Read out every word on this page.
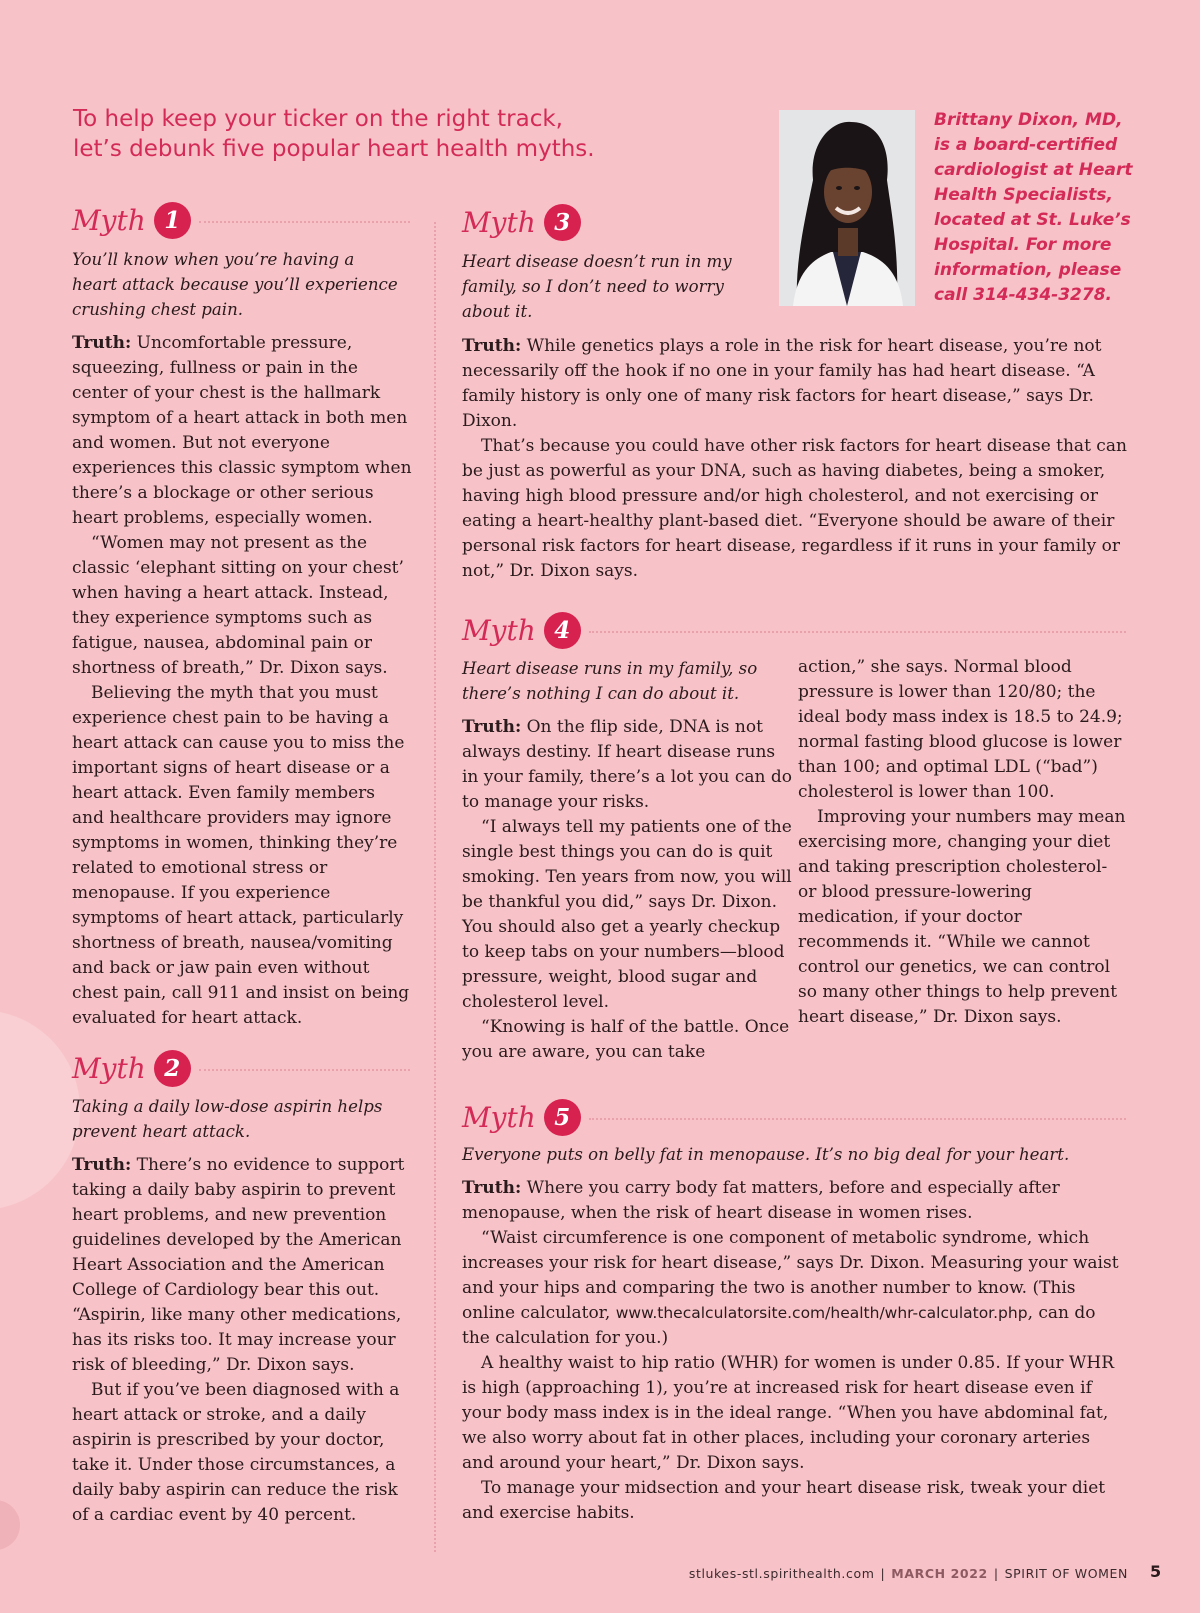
To help keep your ticker on the right track,
let’s debunk five popular heart health myths.
Brittany Dixon, MD,
is a board-certified
cardiologist at Heart
Health Specialists,
located at St. Luke’s
Hospital. For more
information, please
call 314-434-3278.
Myth 1
You’ll know when you’re having a heart attack because you’ll experience crushing chest pain.

Truth: Uncomfortable pressure, squeezing, fullness or pain in the center of your chest is the hallmark symptom of a heart attack in both men and women. But not everyone experiences this classic symptom when there’s a blockage or other serious heart problems, especially women.

“Women may not present as the classic ‘elephant sitting on your chest’ when having a heart attack. Instead, they experience symptoms such as fatigue, nausea, abdominal pain or shortness of breath,” Dr. Dixon says.

Believing the myth that you must experience chest pain to be having a heart attack can cause you to miss the important signs of heart disease or a heart attack. Even family members and healthcare providers may ignore symptoms in women, thinking they’re related to emotional stress or menopause. If you experience symptoms of heart attack, particularly shortness of breath, nausea/vomiting and back or jaw pain even without chest pain, call 911 and insist on being evaluated for heart attack.

Myth 2
Taking a daily low-dose aspirin helps prevent heart attack.

Truth: There’s no evidence to support taking a daily baby aspirin to prevent heart problems, and new prevention guidelines developed by the American Heart Association and the American College of Cardiology bear this out. “Aspirin, like many other medications, has its risks too. It may increase your risk of bleeding,” Dr. Dixon says.

But if you’ve been diagnosed with a heart attack or stroke, and a daily aspirin is prescribed by your doctor, take it. Under those circumstances, a daily baby aspirin can reduce the risk of a cardiac event by 40 percent.

Myth 3
Heart disease doesn’t run in my family, so I don’t need to worry about it.

Truth: While genetics plays a role in the risk for heart disease, you’re not necessarily off the hook if no one in your family has had heart disease. “A family history is only one of many risk factors for heart disease,” says Dr. Dixon.

That’s because you could have other risk factors for heart disease that can be just as powerful as your DNA, such as having diabetes, being a smoker, having high blood pressure and/or high cholesterol, and not exercising or eating a heart-healthy plant-based diet. “Everyone should be aware of their personal risk factors for heart disease, regardless if it runs in your family or not,” Dr. Dixon says.

Myth 4
Heart disease runs in my family, so there’s nothing I can do about it.

Truth: On the flip side, DNA is not always destiny. If heart disease runs in your family, there’s a lot you can do to manage your risks.

“I always tell my patients one of the single best things you can do is quit smoking. Ten years from now, you will be thankful you did,” says Dr. Dixon. You should also get a yearly checkup to keep tabs on your numbers—blood pressure, weight, blood sugar and cholesterol level.

“Knowing is half of the battle. Once you are aware, you can take

action,” she says. Normal blood pressure is lower than 120/80; the ideal body mass index is 18.5 to 24.9; normal fasting blood glucose is lower than 100; and optimal LDL (“bad”) cholesterol is lower than 100.

Improving your numbers may mean exercising more, changing your diet and taking prescription cholesterol- or blood pressure-lowering medication, if your doctor recommends it. “While we cannot control our genetics, we can control so many other things to help prevent heart disease,” Dr. Dixon says.

Myth 5
Everyone puts on belly fat in menopause. It’s no big deal for your heart.

Truth: Where you carry body fat matters, before and especially after menopause, when the risk of heart disease in women rises.

“Waist circumference is one component of metabolic syndrome, which increases your risk for heart disease,” says Dr. Dixon. Measuring your waist and your hips and comparing the two is another number to know. (This online calculator, www.thecalculatorsite.com/health/whr-calculator.php, can do the calculation for you.)

A healthy waist to hip ratio (WHR) for women is under 0.85. If your WHR is high (approaching 1), you’re at increased risk for heart disease even if your body mass index is in the ideal range. “When you have abdominal fat, we also worry about fat in other places, including your coronary arteries and around your heart,” Dr. Dixon says.

To manage your midsection and your heart disease risk, tweak your diet and exercise habits.

stlukes-stl.spirithealth.com | MARCH 2022 | SPIRIT OF WOMEN 5
